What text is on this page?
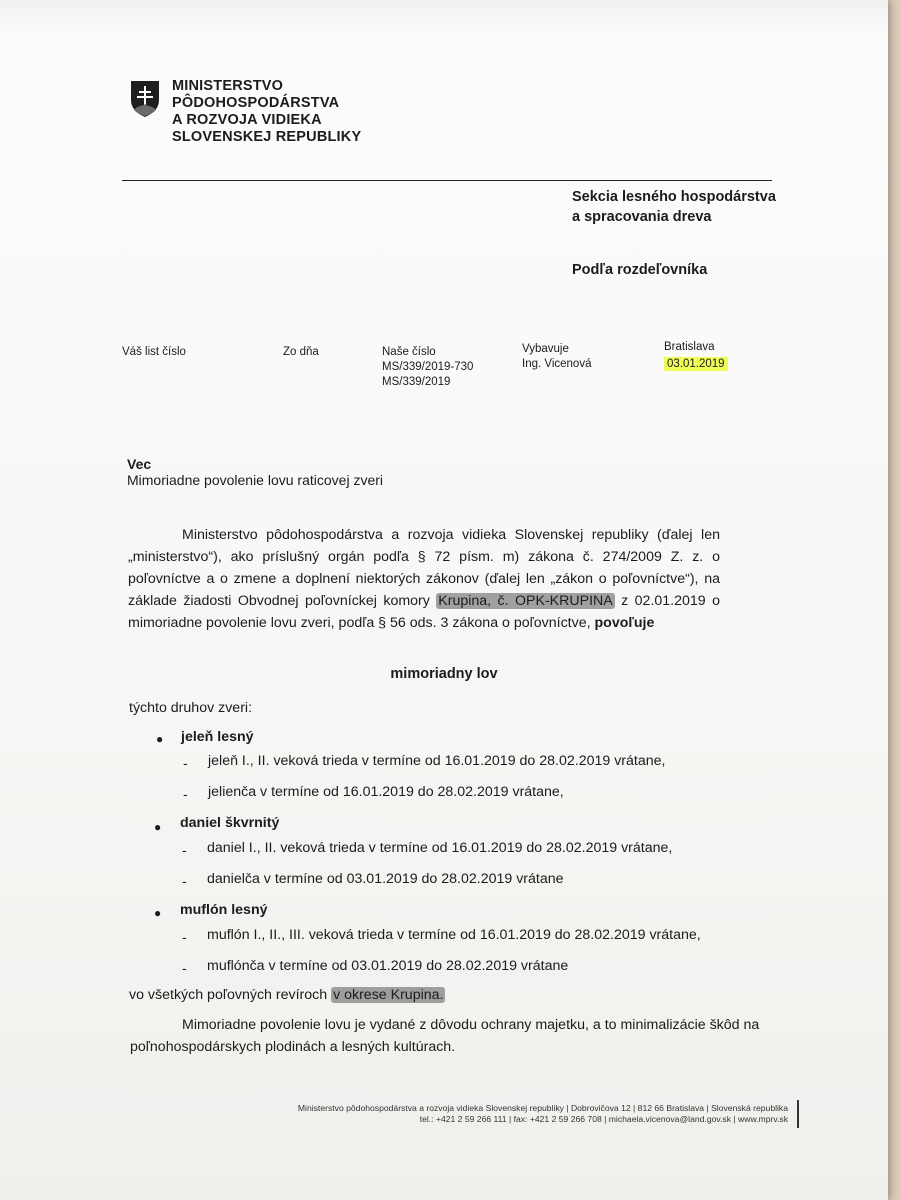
MINISTERSTVO
PÔDOHOSPODÁRSTVA
A ROZVOJA VIDIEKA
SLOVENSKEJ REPUBLIKY
Sekcia lesného hospodárstva
a spracovania dreva
Podľa rozdeľovníka
Váš list číslo	Zo dňa	Naše číslo
MS/339/2019-730
MS/339/2019
Vybavuje
Ing. Vicenová
Bratislava
03.01.2019
Vec
Mimoriadne povolenie lovu raticovej zveri
Ministerstvo pôdohospodárstva a rozvoja vidieka Slovenskej republiky (ďalej len „ministerstvo“), ako príslušný orgán podľa § 72 písm. m) zákona č. 274/2009 Z. z. o poľovníctve a o zmene a doplnení niektorých zákonov (ďalej len „zákon o poľovníctve“), na základe žiadosti Obvodnej poľovníckej komory Krupina, č. OPK-KRUPINA z 02.01.2019 o mimoriadne povolenie lovu zveri, podľa § 56 ods. 3 zákona o poľovníctve, povoľuje
mimoriadny lov
týchto druhov zveri:
● jeleň lesný
- jeleň I., II. veková trieda v termíne od 16.01.2019 do 28.02.2019 vrátane,
- jelienča v termíne od 16.01.2019 do 28.02.2019 vrátane,
● daniel škvrnitý
- daniel I., II. veková trieda v termíne od 16.01.2019 do 28.02.2019 vrátane,
- danielča v termíne od 03.01.2019 do 28.02.2019 vrátane
● muflón lesný
- muflón I., II., III. veková trieda v termíne od 16.01.2019 do 28.02.2019 vrátane,
- muflónča v termíne od 03.01.2019 do 28.02.2019 vrátane
vo všetkých poľovných revíroch v okrese Krupina.
Mimoriadne povolenie lovu je vydané z dôvodu ochrany majetku, a to minimalizácie škôd na
poľnohospodárskych plodinách a lesných kultúrach.
Ministerstvo pôdohospodárstva a rozvoja vidieka Slovenskej republiky | Dobrovičova 12 | 812 66 Bratislava | Slovenská republika
tel.: +421 2 59 266 111 | fax: +421 2 59 266 708 | michaela.vicenova@land.gov.sk | www.mprv.sk
